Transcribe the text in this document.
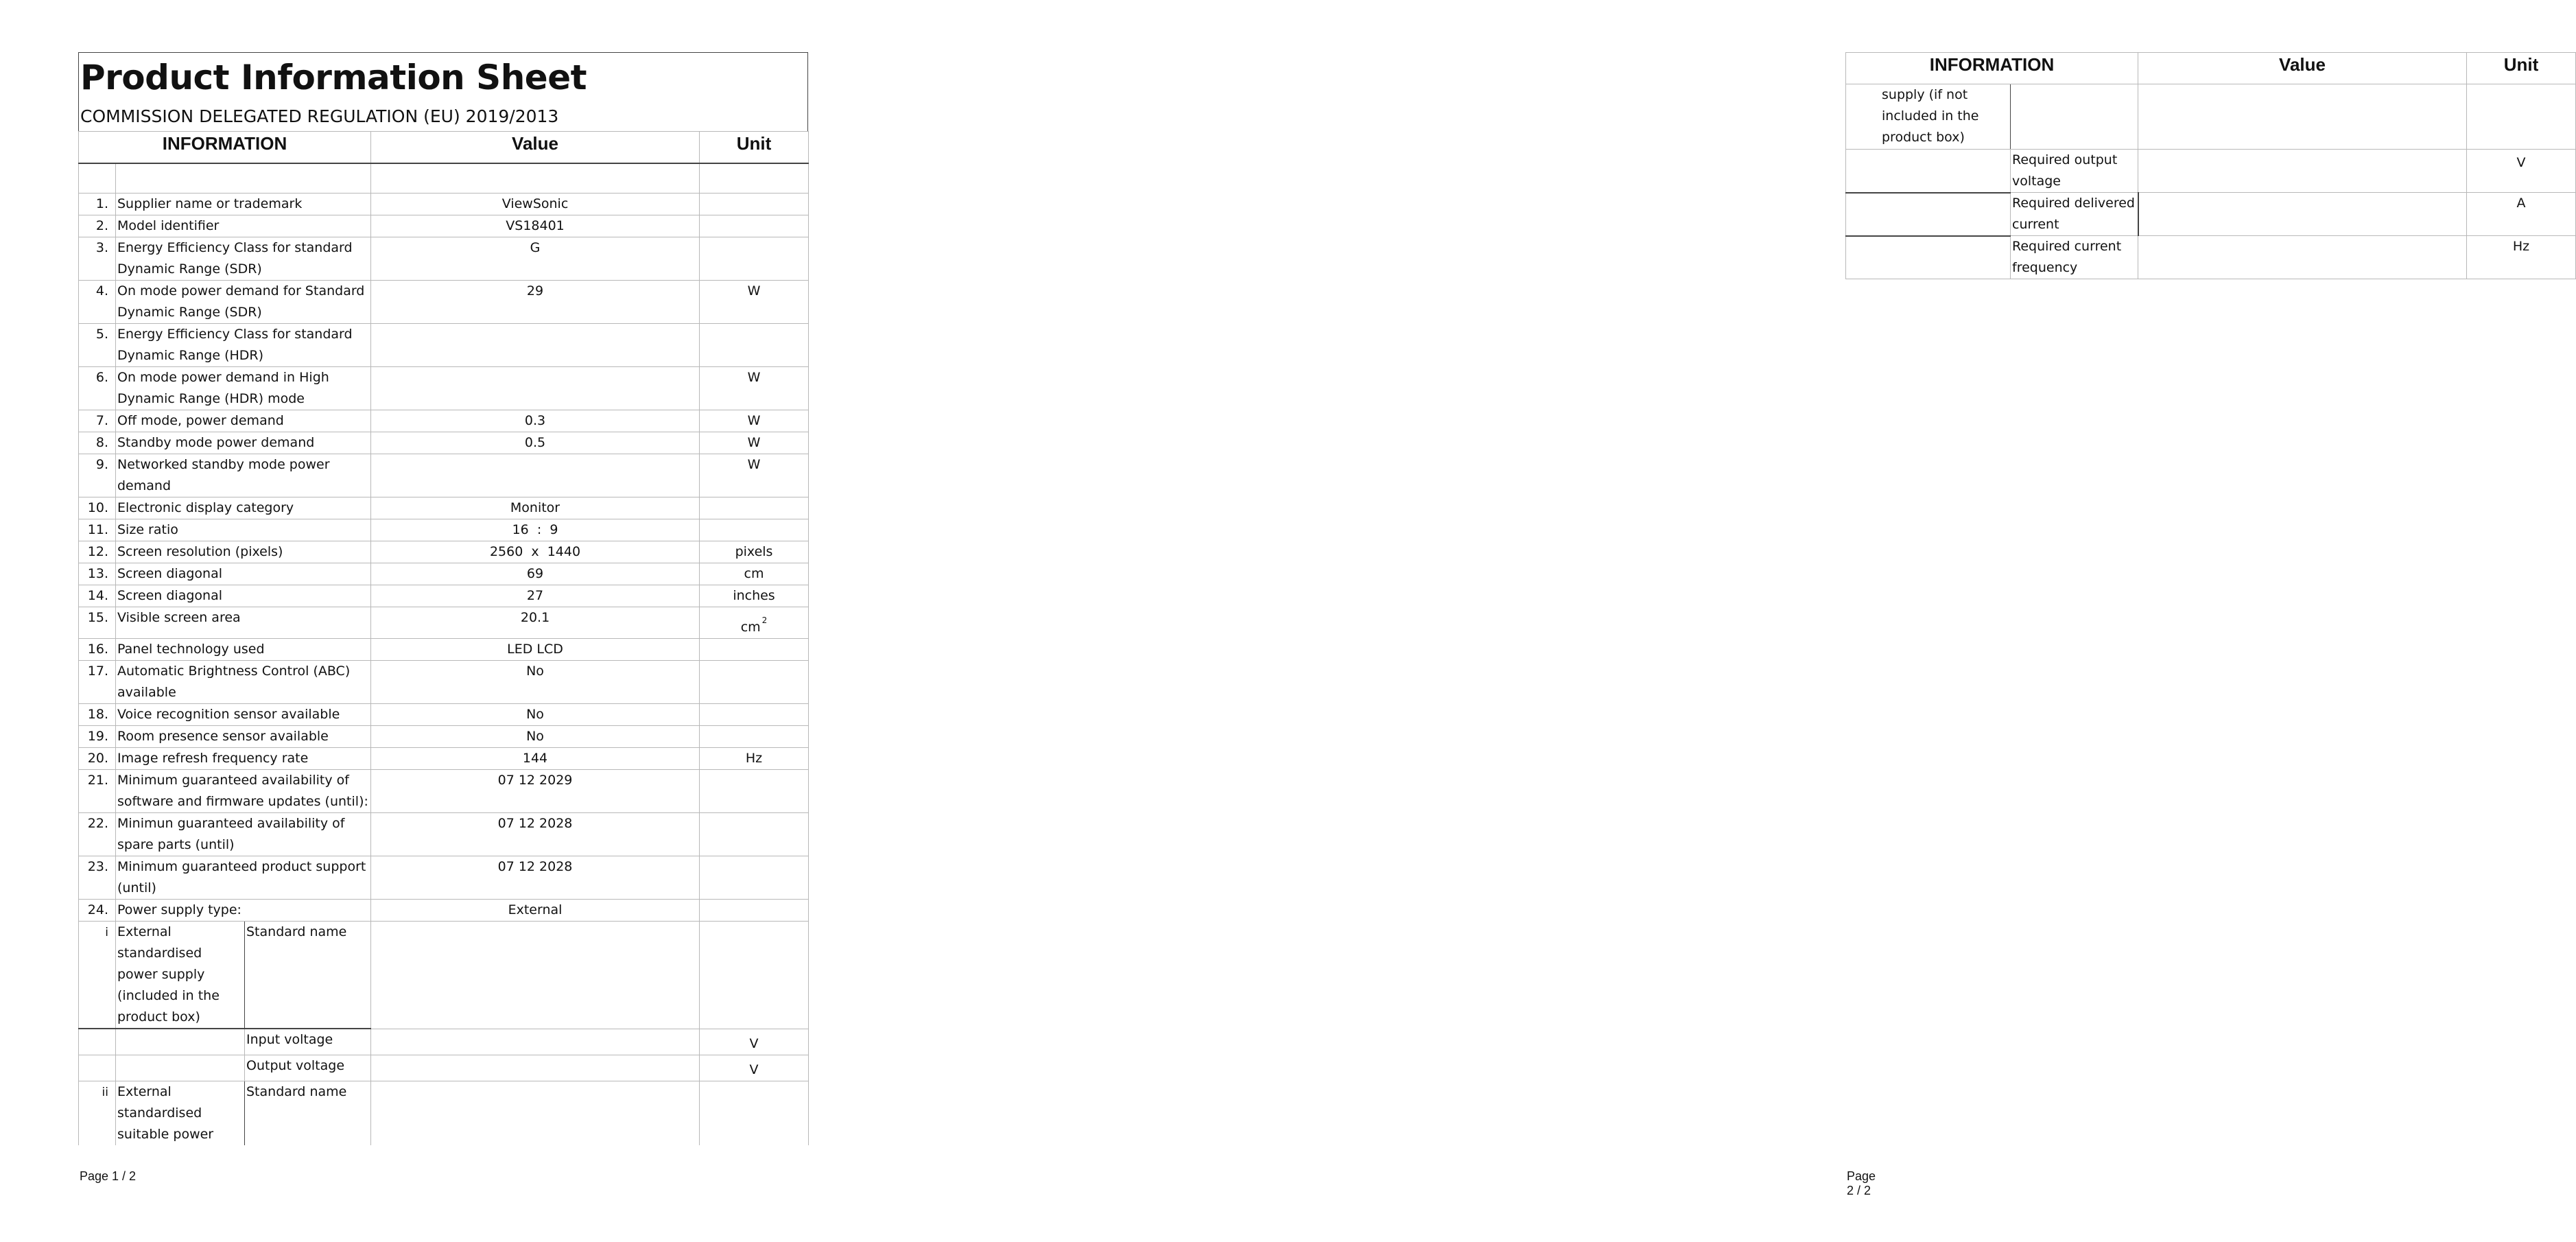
Product Information Sheet
COMMISSION DELEGATED REGULATION (EU) 2019/2013
INFORMATION			Value	Unit

1.	Supplier name or trademark		ViewSonic	
2.	Model identifier		VS18401	
3.	Energy Efficiency Class for standard Dynamic Range (SDR)		G	
4.	On mode power demand for Standard Dynamic Range (SDR)		29	W
5.	Energy Efficiency Class for standard Dynamic Range (HDR)			
6.	On mode power demand in High Dynamic Range (HDR) mode			W
7.	Off mode, power demand		0.3	W
8.	Standby mode power demand		0.5	W
9.	Networked standby mode power demand			W
10.	Electronic display category		Monitor	
11.	Size ratio		16  :  9	
12.	Screen resolution (pixels)		2560  x  1440	pixels
13.	Screen diagonal		69	cm
14.	Screen diagonal		27	inches
15.	Visible screen area		20.1	cm $^2$
16.	Panel technology used		LED LCD	
17.	Automatic Brightness Control (ABC) available		No	
18.	Voice recognition sensor available		No	
19.	Room presence sensor available		No	
20.	Image refresh frequency rate		144	Hz
21.	Minimum guaranteed availability of software and firmware updates (until):		07 12 2029	
22.	Minimun guaranteed availability of spare parts (until)		07 12 2028	
23.	Minimum guaranteed product support (until)		07 12 2028	
24.	Power supply type:		External	
i	External standardised power supply (included in the product box)	Standard name		
		Input voltage		V
		Output voltage		V
ii	External standardised suitable power	Standard name		
Page 1 / 2
INFORMATION		Value	Unit
supply (if not included in the product box)			
	Required output voltage		V
	Required delivered current		A
	Required current frequency		Hz
Page 2 / 2
